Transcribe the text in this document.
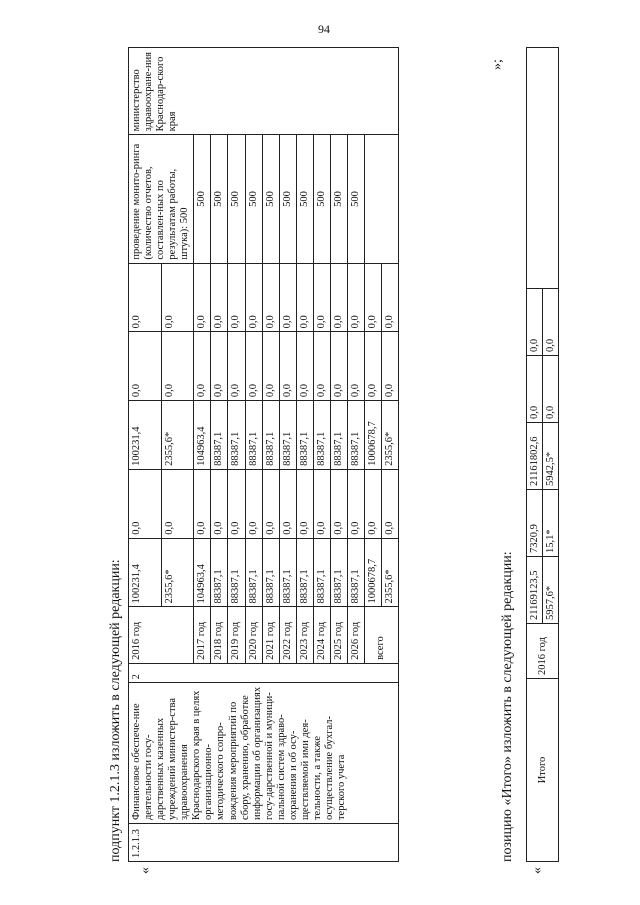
94
подпункт 1.2.1.3 изложить в следующей редакции:
«
1.2.1.3	Финансовое обеспече-ние деятельности госу-дарственных казенных учреждений министер-ства здравоохранения Краснодарского края в целях организационно-методического сопро-вождения мероприятий по сбору, хранению, обработке информации об организациях госу-дарственной и муници-пальной систем здраво-охранения и об осу-ществляемой ими дея-тельности, а также осуществление бухгал-терского учета	2	2016 год	100231,4	0,0	100231,4	0,0	0,0	проведение монито-ринга (количество отчетов, составлен-ных по результатам работы, штука): 500	министерство здравоохране-ния Краснодар-ского края
				2355,6*	0,0	2355,6*	0,0	0,0		
			2017 год	104963,4	0,0	104963,4	0,0	0,0	500	
			2018 год	88387,1	0,0	88387,1	0,0	0,0	500	
			2019 год	88387,1	0,0	88387,1	0,0	0,0	500	
			2020 год	88387,1	0,0	88387,1	0,0	0,0	500	
			2021 год	88387,1	0,0	88387,1	0,0	0,0	500	
			2022 год	88387,1	0,0	88387,1	0,0	0,0	500	
			2023 год	88387,1	0,0	88387,1	0,0	0,0	500	
			2024 год	88387,1	0,0	88387,1	0,0	0,0	500	
			2025 год	88387,1	0,0	88387,1	0,0	0,0	500	
			2026 год	88387,1	0,0	88387,1	0,0	0,0	500	
			всего	1000678,7	0,0	1000678,7	0,0	0,0		
				2355,6*	0,0	2355,6*	0,0	0,0		
»;
позицию «Итого» изложить в следующей редакции:
«
Итого	2016 год	21169123,5	7320,9	21161802,6	0,0	0,0	
		5957,6*	15,1*	5942,5*	0,0	0,0	
